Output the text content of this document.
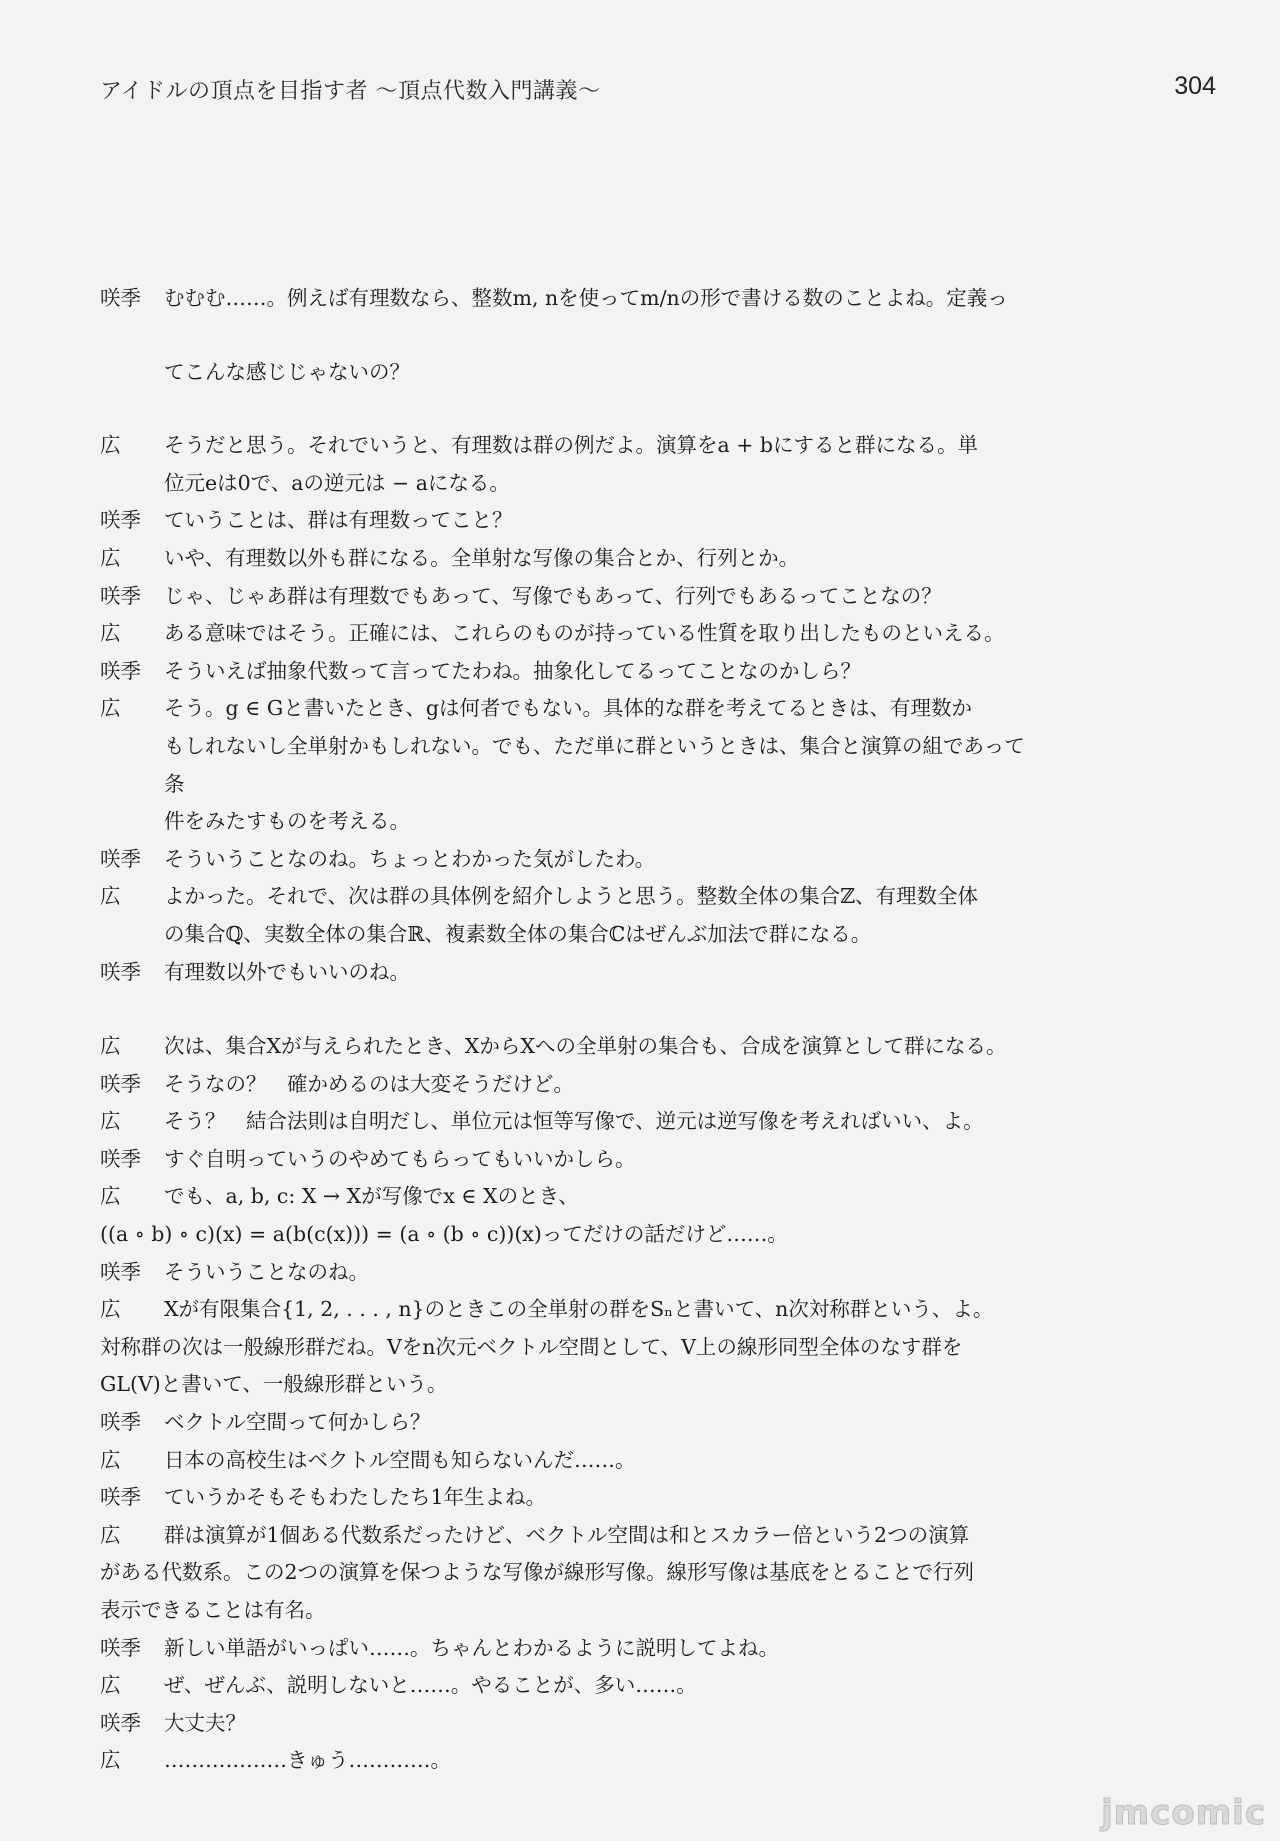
アイドルの頂点を目指す者 〜頂点代数入門講義〜	304
咲季	むむむ……。例えば有理数なら、整数m, nを使ってm/nの形で書ける数のことよね。定義っ
てこんな感じじゃないの？
広	そうだと思う。それでいうと、有理数は群の例だよ。演算をa + bにすると群になる。単
位元eは0で、aの逆元は − aになる。
咲季	ていうことは、群は有理数ってこと？
広	いや、有理数以外も群になる。全単射な写像の集合とか、行列とか。
咲季	じゃ、じゃあ群は有理数でもあって、写像でもあって、行列でもあるってことなの？
広	ある意味ではそう。正確には、これらのものが持っている性質を取り出したものといえる。
咲季	そういえば抽象代数って言ってたわね。抽象化してるってことなのかしら？
広	そう。g ∈ Gと書いたとき、gは何者でもない。具体的な群を考えてるときは、有理数か
もしれないし全単射かもしれない。でも、ただ単に群というときは、集合と演算の組であって条
件をみたすものを考える。
咲季	そういうことなのね。ちょっとわかった気がしたわ。
広	よかった。それで、次は群の具体例を紹介しようと思う。整数全体の集合ℤ、有理数全体
の集合ℚ、実数全体の集合ℝ、複素数全体の集合ℂはぜんぶ加法で群になる。
咲季	有理数以外でもいいのね。
広	次は、集合Xが与えられたとき、XからXへの全単射の集合も、合成を演算として群になる。
咲季	そうなの？　確かめるのは大変そうだけど。
広	そう？　結合法則は自明だし、単位元は恒等写像で、逆元は逆写像を考えればいい、よ。
咲季	すぐ自明っていうのやめてもらってもいいかしら。
広	でも、a, b, c: X → Xが写像でx ∈ Xのとき、
((a ∘ b) ∘ c)(x) = a(b(c(x))) = (a ∘ (b ∘ c))(x)ってだけの話だけど……。
咲季	そういうことなのね。
広	Xが有限集合{1, 2, . . . , n}のときこの全単射の群をSₙと書いて、n次対称群という、よ。
対称群の次は一般線形群だね。Vをn次元ベクトル空間として、V上の線形同型全体のなす群を
GL(V)と書いて、一般線形群という。
咲季	ベクトル空間って何かしら？
広	日本の高校生はベクトル空間も知らないんだ……。
咲季	ていうかそもそもわたしたち1年生よね。
広	群は演算が1個ある代数系だったけど、ベクトル空間は和とスカラー倍という2つの演算
がある代数系。この2つの演算を保つような写像が線形写像。線形写像は基底をとることで行列
表示できることは有名。
咲季	新しい単語がいっぱい……。ちゃんとわかるように説明してよね。
広	ぜ、ぜんぶ、説明しないと……。やることが、多い……。
咲季	大丈夫？
広	………………きゅう…………。
jmcomic
